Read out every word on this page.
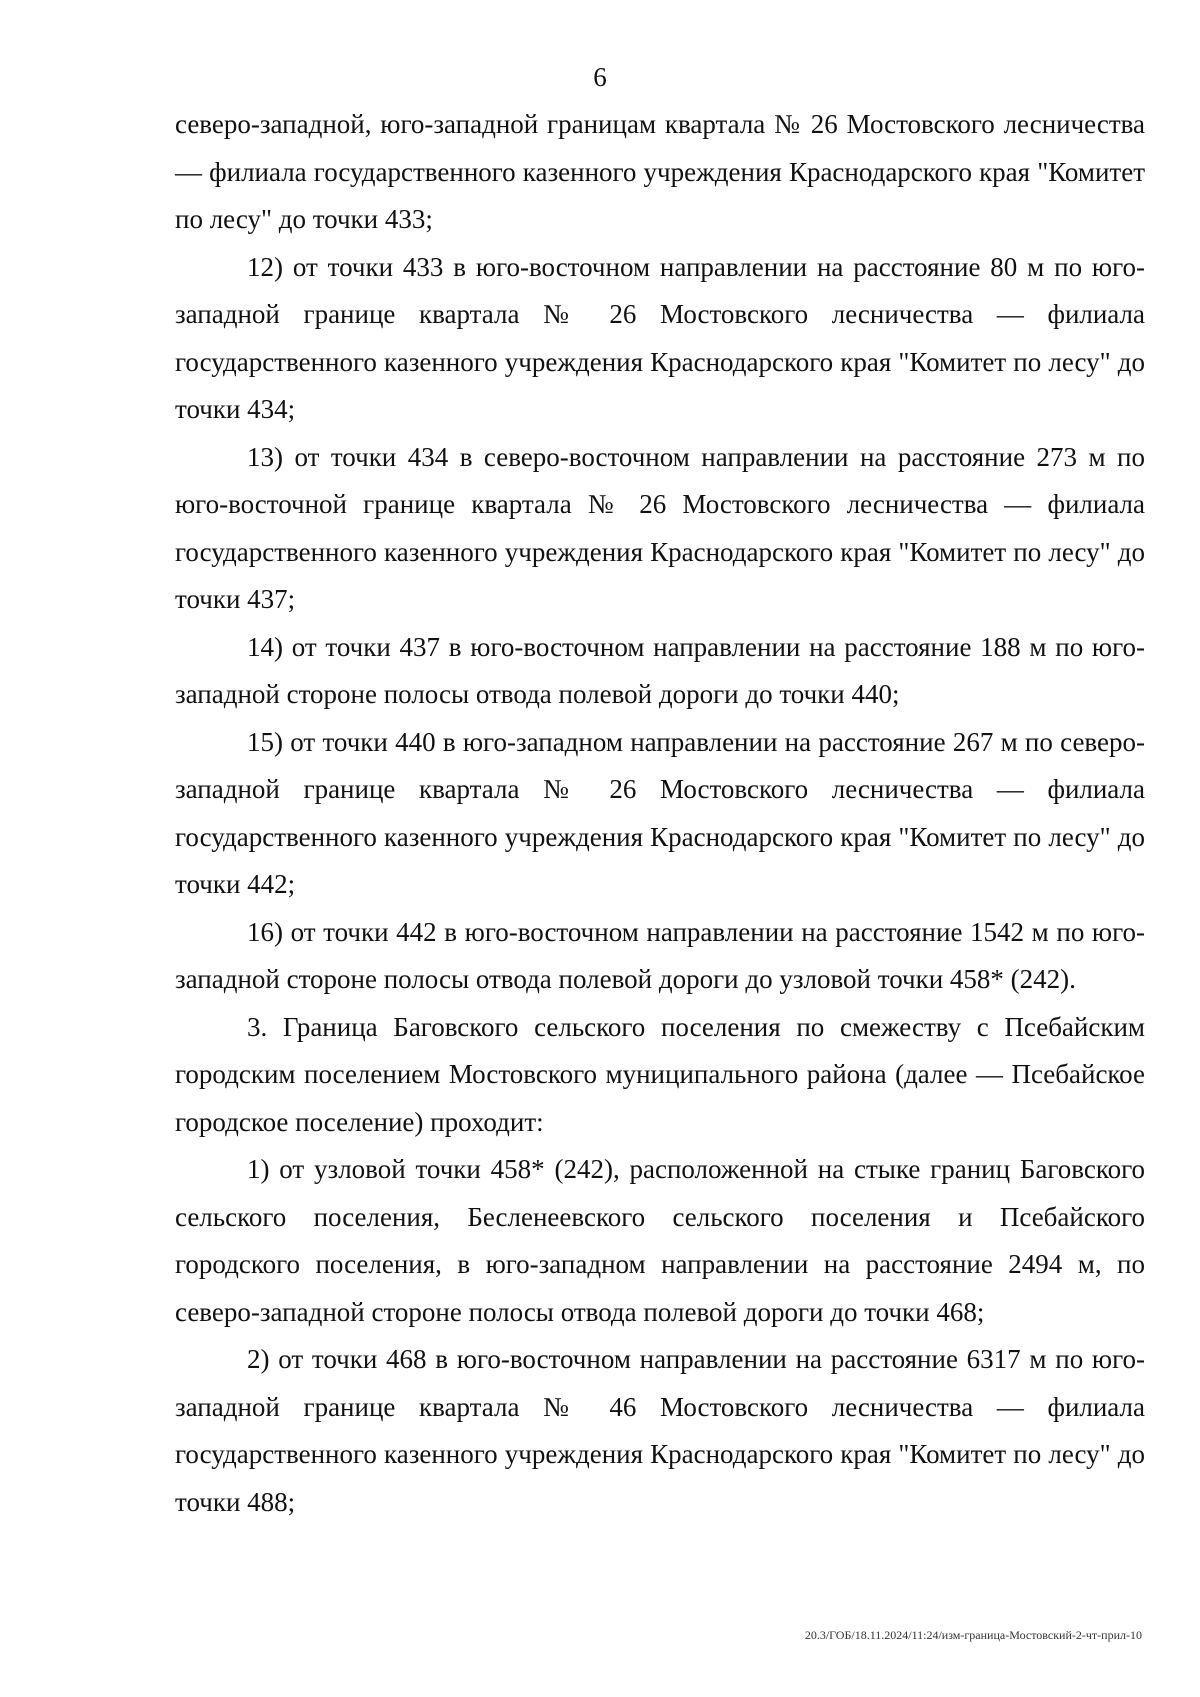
6

северо-западной, юго-западной границам квартала № 26 Мостовского лесничества — филиала государственного казенного учреждения Краснодарского края "Комитет по лесу" до точки 433;

12) от точки 433 в юго-восточном направлении на расстояние 80 м по юго-западной границе квартала № 26 Мостовского лесничества — филиала государственного казенного учреждения Краснодарского края "Комитет по лесу" до точки 434;

13) от точки 434 в северо-восточном направлении на расстояние 273 м по юго-восточной границе квартала № 26 Мостовского лесничества — филиала государственного казенного учреждения Краснодарского края "Комитет по лесу" до точки 437;

14) от точки 437 в юго-восточном направлении на расстояние 188 м по юго-западной стороне полосы отвода полевой дороги до точки 440;

15) от точки 440 в юго-западном направлении на расстояние 267 м по северо-западной границе квартала № 26 Мостовского лесничества — филиала государственного казенного учреждения Краснодарского края "Комитет по лесу" до точки 442;

16) от точки 442 в юго-восточном направлении на расстояние 1542 м по юго-западной стороне полосы отвода полевой дороги до узловой точки 458* (242).

3. Граница Баговского сельского поселения по смежеству с Псебайским городским поселением Мостовского муниципального района (далее — Псебайское городское поселение) проходит:

1) от узловой точки 458* (242), расположенной на стыке границ Баговского сельского поселения, Бесленеевского сельского поселения и Псебайского городского поселения, в юго-западном направлении на расстояние 2494 м, по северо-западной стороне полосы отвода полевой дороги до точки 468;

2) от точки 468 в юго-восточном направлении на расстояние 6317 м по юго-западной границе квартала № 46 Мостовского лесничества — филиала государственного казенного учреждения Краснодарского края "Комитет по лесу" до точки 488;

20.3/ГОБ/18.11.2024/11:24/изм-граница-Мостовский-2-чт-прил-10
